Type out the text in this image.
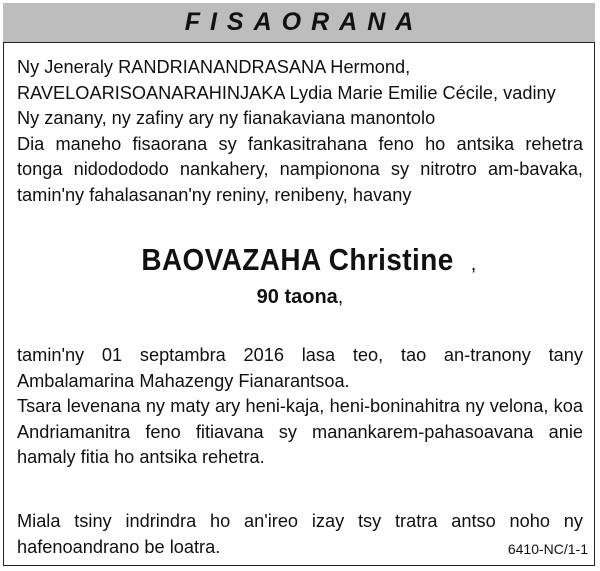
FISAORANA

Ny Jeneraly RANDRIANANDRASANA Hermond,

RAVELOARISOANARAHINJAKA Lydia Marie Emilie Cécile, vadiny

Ny zanany, ny zafiny ary ny fianakaviana manontolo

Dia maneho fisaorana sy fankasitrahana feno ho antsika rehetra tonga nidodododo nankahery, nampionona sy nitrotro am-bavaka, tamin'ny fahalasanan'ny reniny, renibeny, havany

BAOVAZAHA Christine ,
90 taona,

tamin'ny 01 septambra 2016 lasa teo, tao an-tranony tany Ambalamarina Mahazengy Fianarantsoa.

Tsara levenana ny maty ary heni-kaja, heni-boninahitra ny velona, koa Andriamanitra feno fitiavana sy manankarem-pahasoavana anie hamaly fitia ho antsika rehetra.

Miala tsiny indrindra ho an'ireo izay tsy tratra antso noho ny hafenoandrano be loatra.	6410-NC/1-1
